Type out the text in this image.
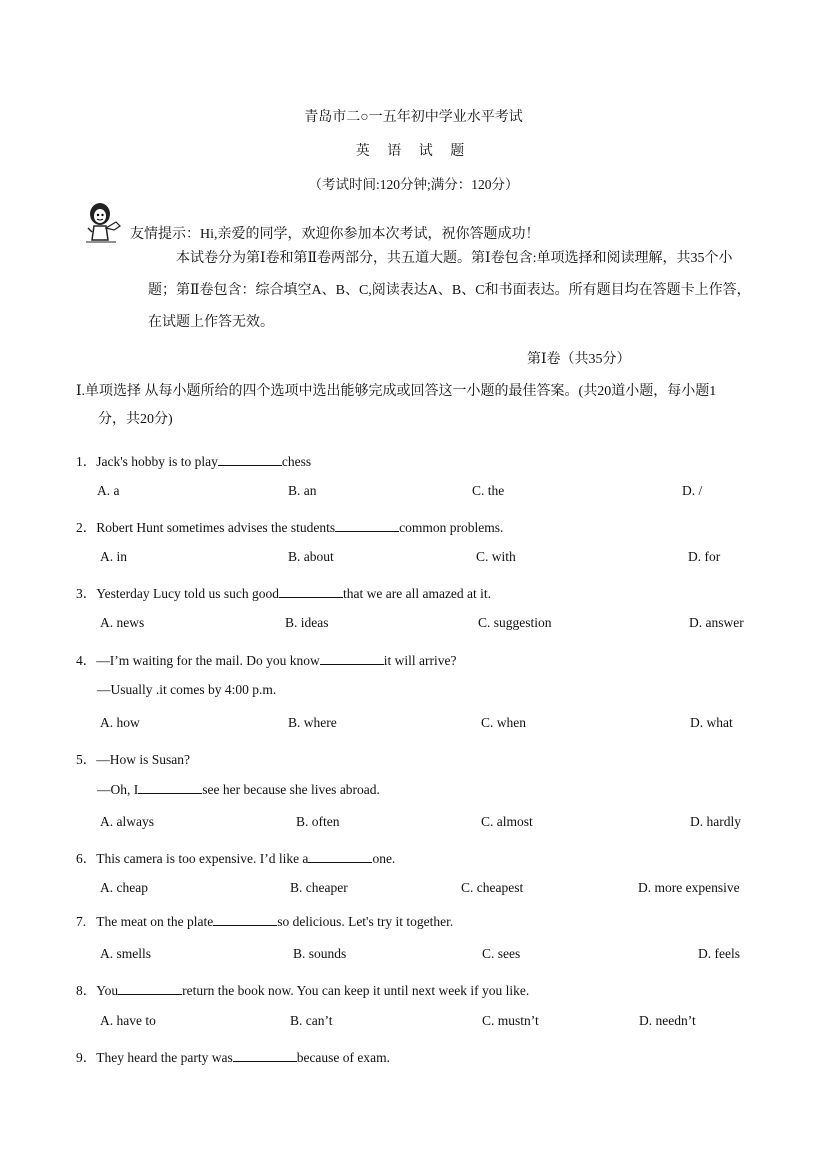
青岛市二○一五年初中学业水平考试
英 语 试 题
（考试时间:120分钟;满分：120分）
友情提示：Hi,亲爱的同学，欢迎你参加本次考试，祝你答题成功！

本试卷分为第Ⅰ卷和第Ⅱ卷两部分，共五道大题。第Ⅰ卷包含:单项选择和阅读理解，共35个小题；第Ⅱ卷包含：综合填空A、B、C,阅读表达A、B、C和书面表达。所有题目均在答题卡上作答，在试题上作答无效。

第Ⅰ卷（共35分）
Ⅰ.单项选择 从每小题所给的四个选项中选出能够完成或回答这一小题的最佳答案。(共20道小题，每小题1
分，共20分)
1．Jack's hobby is to play	chess
A. a	B. an	C. the	D. /
2．Robert Hunt sometimes advises the students	common problems.
A. in	B. about	C. with	D. for
3．Yesterday Lucy told us such good	that we are all amazed at it.
A. news	B. ideas	C. suggestion	D. answer
4．—I’m waiting for the mail. Do you know	it will arrive?
—Usually .it comes by 4:00 p.m.
A. how	B. where	C. when	D. what
5．—How is Susan?
—Oh, I	see her because she lives abroad.
A. always	B. often	C. almost	D. hardly
6．This camera is too expensive. I’d like a	one.
A. cheap	B. cheaper	C. cheapest	D. more expensive
7. The meat on the plate	so delicious. Let's try it together.
A. smells	B. sounds	C. sees	D. feels
8．You	return the book now. You can keep it until next week if you like.
A. have to	B. can’t	C. mustn’t	D. needn’t
9．They heard the party was	because of exam.
